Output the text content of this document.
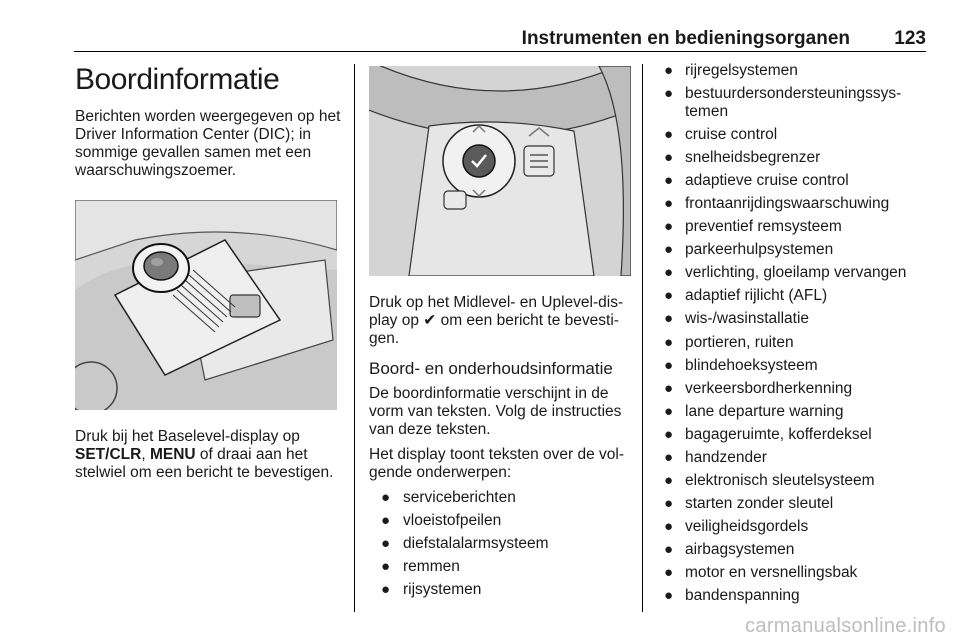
Instrumenten en bedieningsorganen 123
Boordinformatie

Berichten worden weergegeven op het Driver Information Center (DIC); in sommige gevallen samen met een waarschuwingszoemer.

Druk bij het Baselevel-display op SET/CLR, MENU of draai aan het stelwiel om een bericht te bevestigen.

Druk op het Midlevel- en Uplevel-display op ✔ om een bericht te bevestigen.

Boord- en onderhoudsinformatie

De boordinformatie verschijnt in de vorm van teksten. Volg de instructies van deze teksten.

Het display toont teksten over de volgende onderwerpen:

● serviceberichten
● vloeistofpeilen
● diefstalalarmsysteem
● remmen
● rijsystemen
● rijregelsystemen
● bestuurdersondersteuningssystemen
● cruise control
● snelheidsbegrenzer
● adaptieve cruise control
● frontaanrijdingswaarschuwing
● preventief remsysteem
● parkeerhulpsystemen
● verlichting, gloeilamp vervangen
● adaptief rijlicht (AFL)
● wis-/wasinstallatie
● portieren, ruiten
● blindehoeksysteem
● verkeersbordherkenning
● lane departure warning
● bagageruimte, kofferdeksel
● handzender
● elektronisch sleutelsysteem
● starten zonder sleutel
● veiligheidsgordels
● airbagsystemen
● motor en versnellingsbak
● bandenspanning
carmanualsonline.info
